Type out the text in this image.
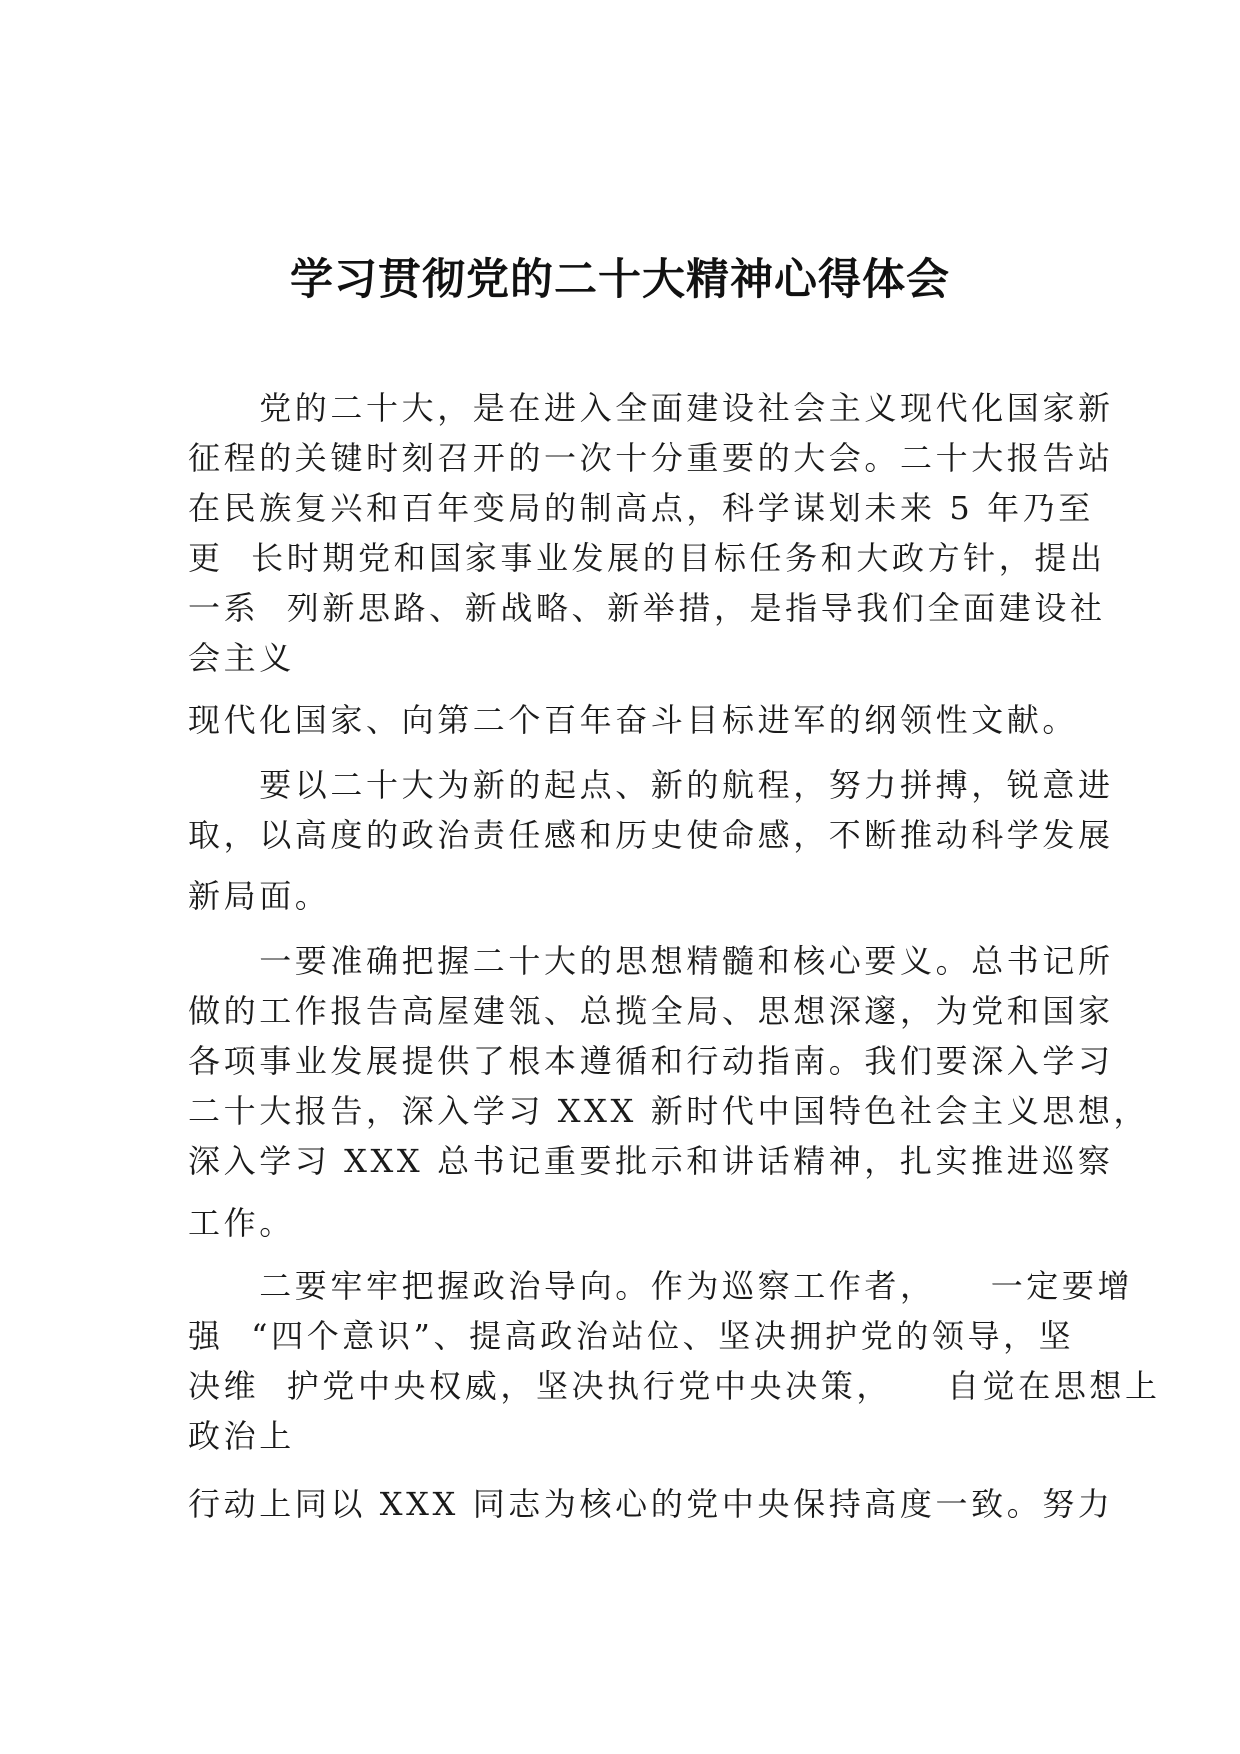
学习贯彻党的二十大精神心得体会
　　党的二十大，是在进入全面建设社会主义现代化国家新
征程的关键时刻召开的一次十分重要的大会。二十大报告站
在民族复兴和百年变局的制高点，科学谋划未来 5 年乃至
更  长时期党和国家事业发展的目标任务和大政方针，提出
一系  列新思路、新战略、新举措，是指导我们全面建设社
会主义
现代化国家、向第二个百年奋斗目标进军的纲领性文献。
　　要以二十大为新的起点、新的航程，努力拼搏，锐意进
取，以高度的政治责任感和历史使命感，不断推动科学发展
新局面。
　　一要准确把握二十大的思想精髓和核心要义。总书记所
做的工作报告高屋建瓴、总揽全局、思想深邃，为党和国家
各项事业发展提供了根本遵循和行动指南。我们要深入学习
二十大报告，深入学习 XXX 新时代中国特色社会主义思想，
深入学习 XXX 总书记重要批示和讲话精神，扎实推进巡察
工作。
　　二要牢牢把握政治导向。作为巡察工作者，    一定要增
强  “四个意识”、提高政治站位、坚决拥护党的领导，坚
决维  护党中央权威，坚决执行党中央决策，    自觉在思想上
政治上
行动上同以 XXX 同志为核心的党中央保持高度一致。努力
